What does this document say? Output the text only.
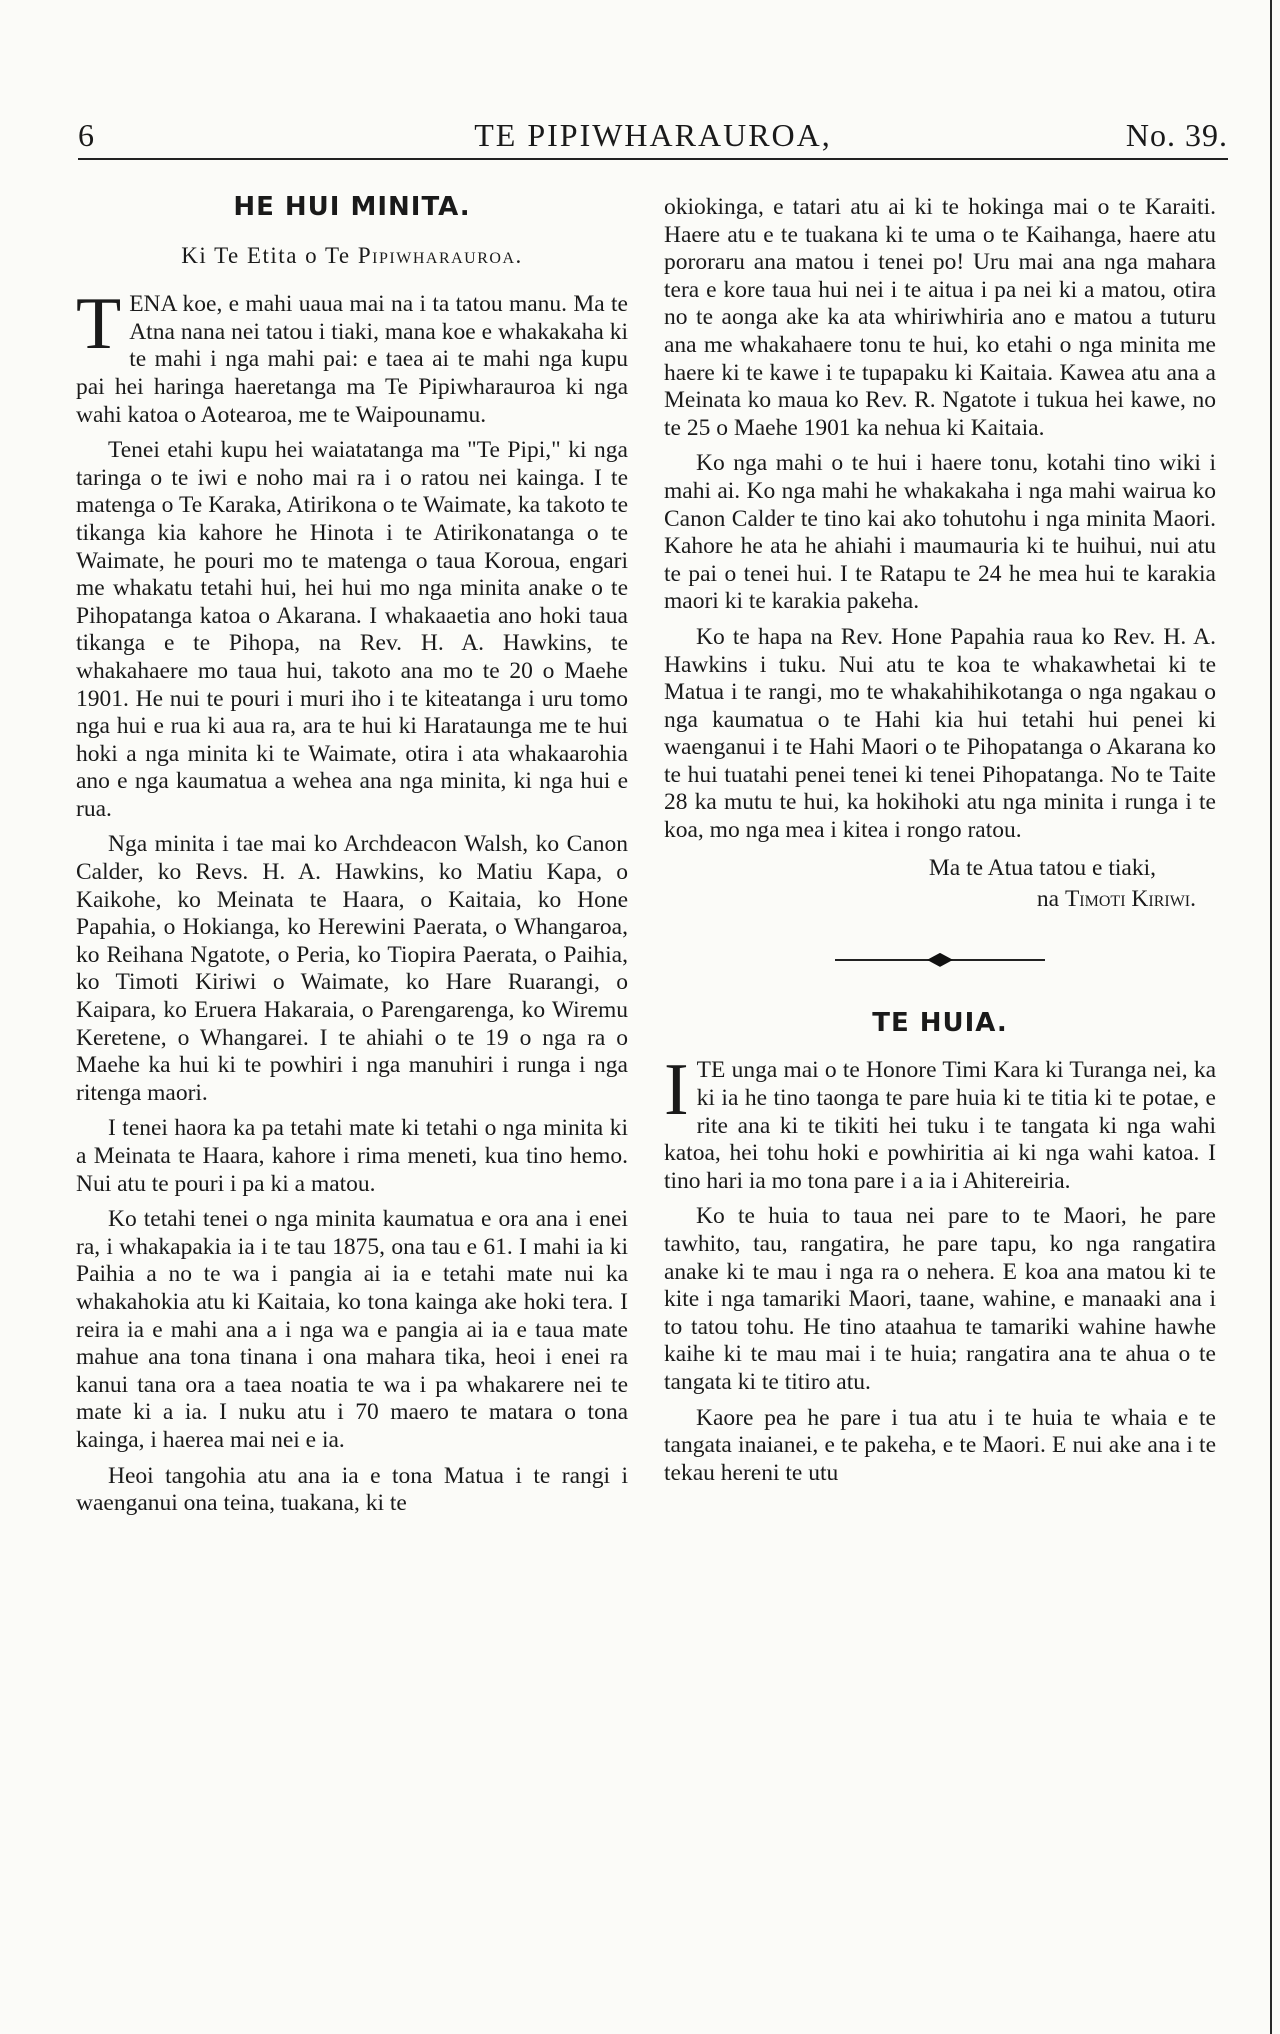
6	TE PIPIWHARAUROA,	No. 39.
HE HUI MINITA.
Ki Te Etita o Te Pipiwharauroa.

TENA koe, e mahi uaua mai na i ta tatou manu. Ma te Atna nana nei tatou i tiaki, mana koe e whakakaha ki te mahi i nga mahi pai: e taea ai te mahi nga kupu pai hei haringa haeretanga ma Te Pipiwharauroa ki nga wahi katoa o Aotearoa, me te Waipounamu.

Tenei etahi kupu hei waiatatanga ma "Te Pipi," ki nga taringa o te iwi e noho mai ra i o ratou nei kainga. I te matenga o Te Karaka, Atirikona o te Waimate, ka takoto te tikanga kia kahore he Hinota i te Atirikonatanga o te Waimate, he pouri mo te matenga o taua Koroua, engari me whakatu tetahi hui, hei hui mo nga minita anake o te Pihopatanga katoa o Akarana. I whakaaetia ano hoki taua tikanga e te Pihopa, na Rev. H. A. Hawkins, te whakahaere mo taua hui, takoto ana mo te 20 o Maehe 1901. He nui te pouri i muri iho i te kiteatanga i uru tomo nga hui e rua ki aua ra, ara te hui ki Harataunga me te hui hoki a nga minita ki te Waimate, otira i ata whakaarohia ano e nga kaumatua a wehea ana nga minita, ki nga hui e rua.

Nga minita i tae mai ko Archdeacon Walsh, ko Canon Calder, ko Revs. H. A. Hawkins, ko Matiu Kapa, o Kaikohe, ko Meinata te Haara, o Kaitaia, ko Hone Papahia, o Hokianga, ko Herewini Paerata, o Whangaroa, ko Reihana Ngatote, o Peria, ko Tiopira Paerata, o Paihia, ko Timoti Kiriwi o Waimate, ko Hare Ruarangi, o Kaipara, ko Eruera Hakaraia, o Parengarenga, ko Wiremu Keretene, o Whangarei. I te ahiahi o te 19 o nga ra o Maehe ka hui ki te powhiri i nga manuhiri i runga i nga ritenga maori.

I tenei haora ka pa tetahi mate ki tetahi o nga minita ki a Meinata te Haara, kahore i rima meneti, kua tino hemo. Nui atu te pouri i pa ki a matou.

Ko tetahi tenei o nga minita kaumatua e ora ana i enei ra, i whakapakia ia i te tau 1875, ona tau e 61. I mahi ia ki Paihia a no te wa i pangia ai ia e tetahi mate nui ka whakahokia atu ki Kaitaia, ko tona kainga ake hoki tera. I reira ia e mahi ana a i nga wa e pangia ai ia e taua mate mahue ana tona tinana i ona mahara tika, heoi i enei ra kanui tana ora a taea noatia te wa i pa whakarere nei te mate ki a ia. I nuku atu i 70 maero te matara o tona kainga, i haerea mai nei e ia.

Heoi tangohia atu ana ia e tona Matua i te rangi i waenganui ona teina, tuakana, ki te

okiokinga, e tatari atu ai ki te hokinga mai o te Karaiti. Haere atu e te tuakana ki te uma o te Kaihanga, haere atu pororaru ana matou i tenei po! Uru mai ana nga mahara tera e kore taua hui nei i te aitua i pa nei ki a matou, otira no te aonga ake ka ata whiriwhiria ano e matou a tuturu ana me whakahaere tonu te hui, ko etahi o nga minita me haere ki te kawe i te tupapaku ki Kaitaia. Kawea atu ana a Meinata ko maua ko Rev. R. Ngatote i tukua hei kawe, no te 25 o Maehe 1901 ka nehua ki Kaitaia.

Ko nga mahi o te hui i haere tonu, kotahi tino wiki i mahi ai. Ko nga mahi he whakakaha i nga mahi wairua ko Canon Calder te tino kai ako tohutohu i nga minita Maori. Kahore he ata he ahiahi i maumauria ki te huihui, nui atu te pai o tenei hui. I te Ratapu te 24 he mea hui te karakia maori ki te karakia pakeha.

Ko te hapa na Rev. Hone Papahia raua ko Rev. H. A. Hawkins i tuku. Nui atu te koa te whakawhetai ki te Matua i te rangi, mo te whakahihikotanga o nga ngakau o nga kaumatua o te Hahi kia hui tetahi hui penei ki waenganui i te Hahi Maori o te Pihopatanga o Akarana ko te hui tuatahi penei tenei ki tenei Pihopatanga. No te Taite 28 ka mutu te hui, ka hokihoki atu nga minita i runga i te koa, mo nga mea i kitea i rongo ratou.

Ma te Atua tatou e tiaki,

na Timoti Kiriwi.

TE HUIA.

ITE unga mai o te Honore Timi Kara ki Turanga nei, ka ki ia he tino taonga te pare huia ki te titia ki te potae, e rite ana ki te tikiti hei tuku i te tangata ki nga wahi katoa, hei tohu hoki e powhiritia ai ki nga wahi katoa. I tino hari ia mo tona pare i a ia i Ahitereiria.

Ko te huia to taua nei pare to te Maori, he pare tawhito, tau, rangatira, he pare tapu, ko nga rangatira anake ki te mau i nga ra o nehera. E koa ana matou ki te kite i nga tamariki Maori, taane, wahine, e manaaki ana i to tatou tohu. He tino ataahua te tamariki wahine hawhe kaihe ki te mau mai i te huia; rangatira ana te ahua o te tangata ki te titiro atu.

Kaore pea he pare i tua atu i te huia te whaia e te tangata inaianei, e te pakeha, e te Maori. E nui ake ana i te tekau hereni te utu
